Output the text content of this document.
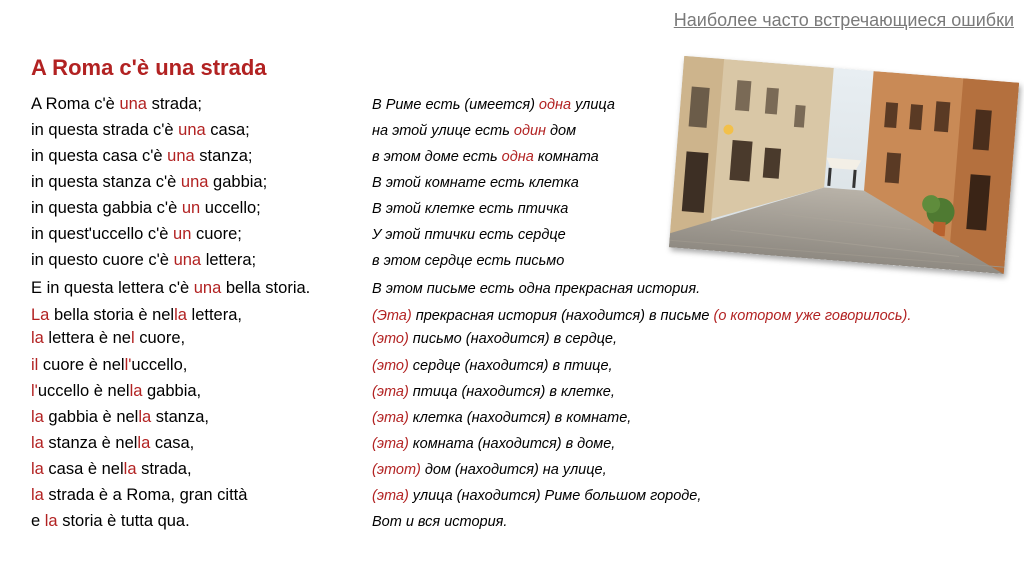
Наиболее часто встречающиеся ошибки
A Roma c'è una strada
A Roma c'è una strada;	В Риме есть (имеется) одна улица
in questa strada c'è una casa;	на этой улице есть один дом
in questa casa c'è una stanza;	в этом доме есть одна комната
in questa stanza c'è una gabbia;	В этой комнате есть клетка
in questa gabbia c'è un uccello;	В этой клетке есть птичка
in quest'uccello c'è un cuore;	У этой птички есть сердце
in questo cuore c'è una lettera;	в этом сердце есть письмо
E in questa lettera c'è una bella storia.	В этом письме есть одна прекрасная история.
La bella storia è nella lettera,	(Эта) прекрасная история (находится) в письме (о котором уже говорилось).
la lettera è nel cuore,	(это) письмо (находится) в сердце,
il cuore è nell'uccello,	(это) сердце (находится) в птице,
l'uccello è nella gabbia,	(эта) птица (находится) в клетке,
la gabbia è nella stanza,	(эта) клетка (находится) в комнате,
la stanza è nella casa,	(эта) комната (находится) в доме,
la casa è nella strada,	(этот) дом (находится) на улице,
la strada è a Roma, gran città	(эта) улица (находится) Риме большом городе,
e la storia è tutta qua.	Вот и вся история.
